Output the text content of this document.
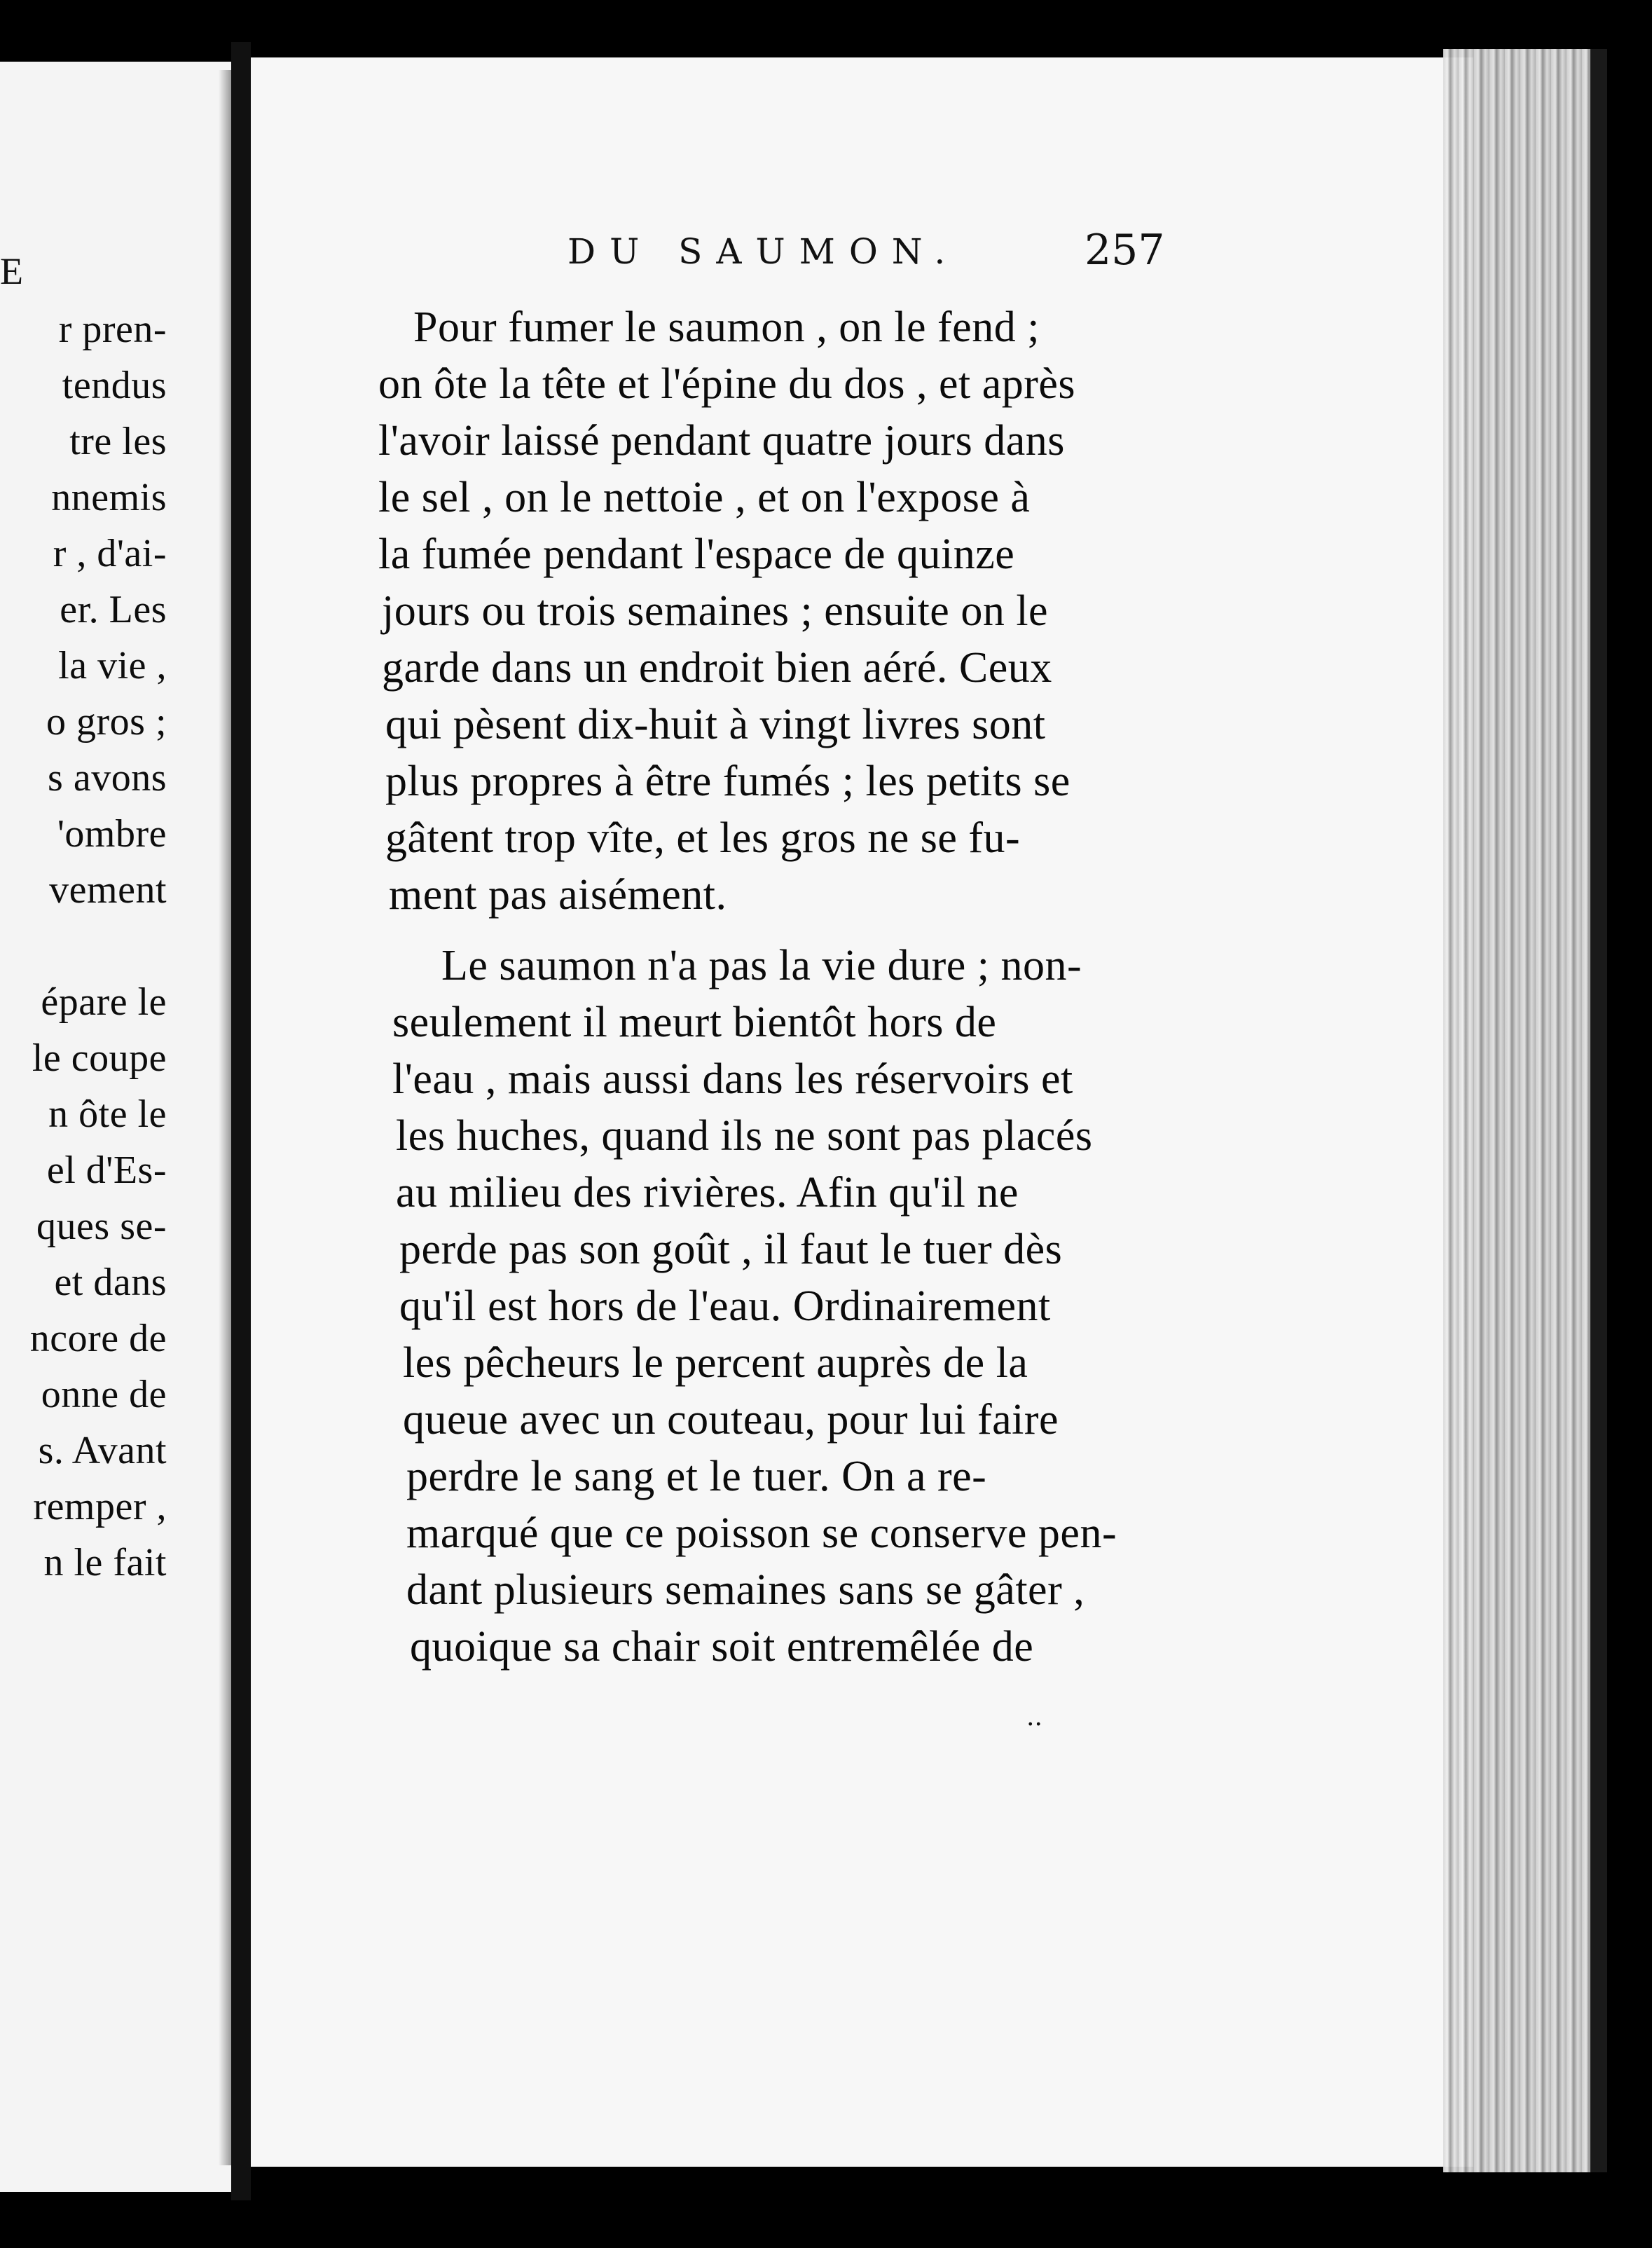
E
r pren-
tendus
tre les
nnemis
r , d'ai-
er. Les
la vie ,
o gros ;
s avons
'ombre
vement
épare le
le coupe
n ôte le
el d'Es-
ques se-
et dans
ncore de
onne de
s. Avant
remper ,
n le fait
DU SAUMON.	257
Pour fumer le saumon , on le fend ;
on ôte la tête et l'épine du dos , et après
l'avoir laissé pendant quatre jours dans
le sel , on le nettoie , et on l'expose à
la fumée pendant l'espace de quinze
jours ou trois semaines ; ensuite on le
garde dans un endroit bien aéré. Ceux
qui pèsent dix-huit à vingt livres sont
plus propres à être fumés ; les petits se
gâtent trop vîte, et les gros ne se fu-
ment pas aisément.
Le saumon n'a pas la vie dure ; non-
seulement il meurt bientôt hors de
l'eau , mais aussi dans les réservoirs et
les huches, quand ils ne sont pas placés
au milieu des rivières. Afin qu'il ne
perde pas son goût , il faut le tuer dès
qu'il est hors de l'eau. Ordinairement
les pêcheurs le percent auprès de la
queue avec un couteau, pour lui faire
perdre le sang et le tuer. On a re-
marqué que ce poisson se conserve pen-
dant plusieurs semaines sans se gâter ,
quoique sa chair soit entremêlée de
..
